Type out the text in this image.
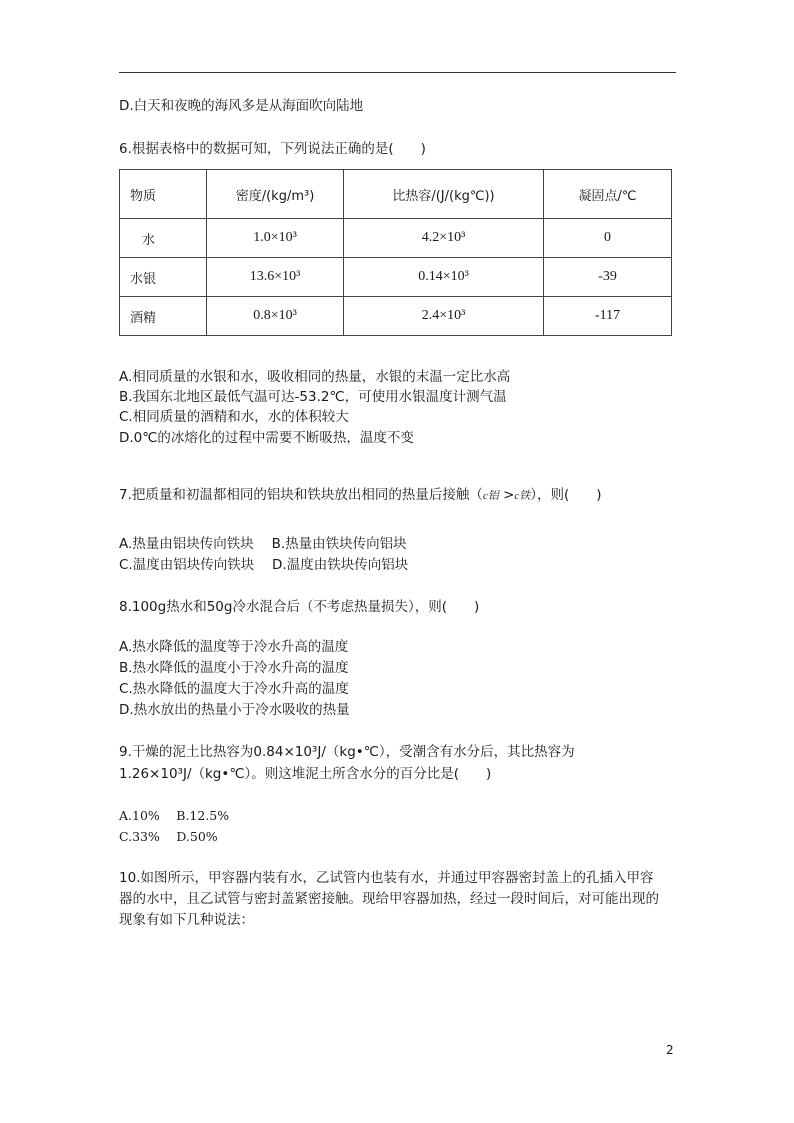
D.白天和夜晚的海风多是从海面吹向陆地
6.根据表格中的数据可知，下列说法正确的是(　　)
物质	密度/(kg/m³)	比热容/(J/(kg℃))	凝固点/℃
水	1.0×10³	4.2×10³	0
水银	13.6×10³	0.14×10³	-39
酒精	0.8×10³	2.4×10³	-117
A.相同质量的水银和水，吸收相同的热量，水银的末温一定比水高
B.我国东北地区最低气温可达-53.2℃，可使用水银温度计测气温
C.相同质量的酒精和水，水的体积较大
D.0℃的冰熔化的过程中需要不断吸热，温度不变
7.把质量和初温都相同的铝块和铁块放出相同的热量后接触（c铝 >c铁），则(　　)
A.热量由铝块传向铁块　 B.热量由铁块传向铝块
C.温度由铝块传向铁块　 D.温度由铁块传向铝块
8.100g热水和50g冷水混合后（不考虑热量损失），则(　　)
A.热水降低的温度等于冷水升高的温度
B.热水降低的温度小于冷水升高的温度
C.热水降低的温度大于冷水升高的温度
D.热水放出的热量小于冷水吸收的热量
9.干燥的泥土比热容为0.84×10³J/（kg•℃），受潮含有水分后，其比热容为
1.26×10³J/（kg•℃）。则这堆泥土所含水分的百分比是(　　)
A.10%　 B.12.5%
C.33%　 D.50%
10.如图所示，甲容器内装有水，乙试管内也装有水，并通过甲容器密封盖上的孔插入甲容
器的水中，且乙试管与密封盖紧密接触。现给甲容器加热，经过一段时间后，对可能出现的
现象有如下几种说法：
2
